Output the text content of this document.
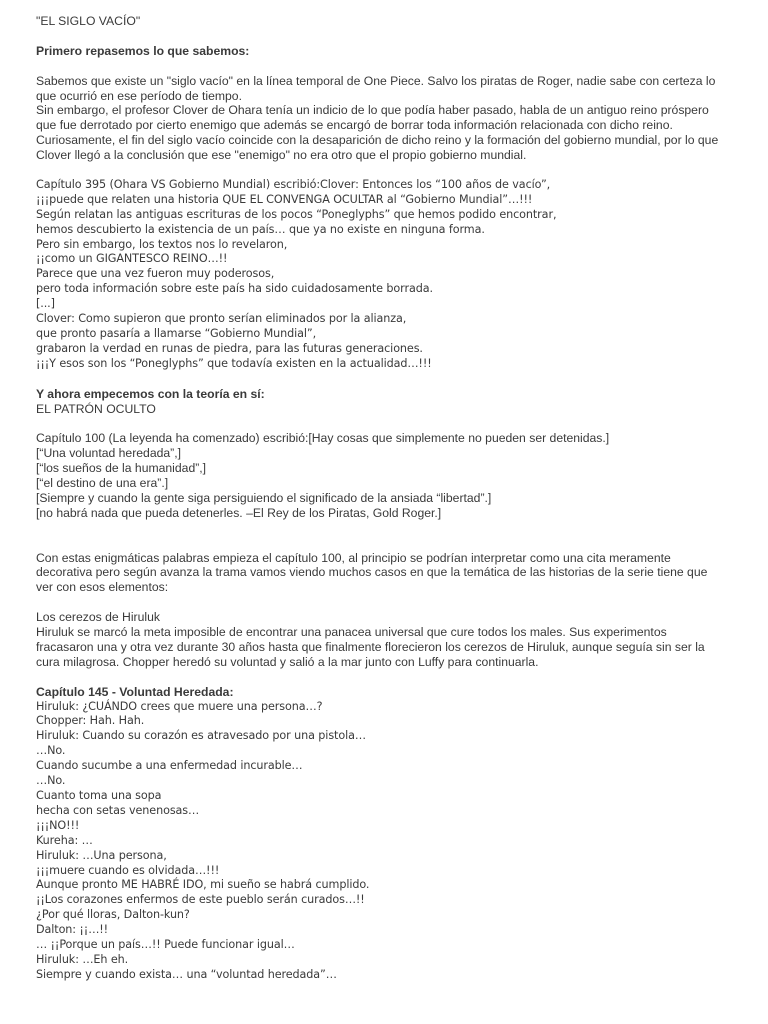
"EL SIGLO VACÍO"

Primero repasemos lo que sabemos:

Sabemos que existe un "siglo vacío" en la línea temporal de One Piece. Salvo los piratas de Roger, nadie sabe con certeza lo
que ocurrió en ese período de tiempo.
Sin embargo, el profesor Clover de Ohara tenía un indicio de lo que podía haber pasado, habla de un antiguo reino próspero
que fue derrotado por cierto enemigo que además se encargó de borrar toda información relacionada con dicho reino.
Curiosamente, el fin del siglo vacío coincide con la desaparición de dicho reino y la formación del gobierno mundial, por lo que
Clover llegó a la conclusión que ese "enemigo" no era otro que el propio gobierno mundial.
Capítulo 395 (Ohara VS Gobierno Mundial) escribió:Clover: Entonces los “100 años de vacío”,
¡¡¡puede que relaten una historia QUE EL CONVENGA OCULTAR al “Gobierno Mundial”…!!!
Según relatan las antiguas escrituras de los pocos “Poneglyphs” que hemos podido encontrar,
hemos descubierto la existencia de un país… que ya no existe en ninguna forma.
Pero sin embargo, los textos nos lo revelaron,
¡¡como un GIGANTESCO REINO…!!
Parece que una vez fueron muy poderosos,
pero toda información sobre este país ha sido cuidadosamente borrada.
[...]
Clover: Como supieron que pronto serían eliminados por la alianza,
que pronto pasaría a llamarse “Gobierno Mundial”,
grabaron la verdad en runas de piedra, para las futuras generaciones.
¡¡¡Y esos son los “Poneglyphs” que todavía existen en la actualidad…!!!

Y ahora empecemos con la teoría en sí:

EL PATRÓN OCULTO

Capítulo 100 (La leyenda ha comenzado) escribió:[Hay cosas que simplemente no pueden ser detenidas.]
[“Una voluntad heredada”,]
[“los sueños de la humanidad”,]
[“el destino de una era”.]
[Siempre y cuando la gente siga persiguiendo el significado de la ansiada “libertad”.]
[no habrá nada que pueda detenerles. –El Rey de los Piratas, Gold Roger.]
Con estas enigmáticas palabras empieza el capítulo 100, al principio se podrían interpretar como una cita meramente
decorativa pero según avanza la trama vamos viendo muchos casos en que la temática de las historias de la serie tiene que
ver con esos elementos:

Los cerezos de Hiruluk

Hiruluk se marcó la meta imposible de encontrar una panacea universal que cure todos los males. Sus experimentos
fracasaron una y otra vez durante 30 años hasta que finalmente florecieron los cerezos de Hiruluk, aunque seguía sin ser la
cura milagrosa. Chopper heredó su voluntad y salió a la mar junto con Luffy para continuarla.

Capítulo 145 - Voluntad Heredada:

Hiruluk: ¿CUÁNDO crees que muere una persona…?
Chopper: Hah. Hah.
Hiruluk: Cuando su corazón es atravesado por una pistola…
…No.
Cuando sucumbe a una enfermedad incurable…
…No.
Cuanto toma una sopa
hecha con setas venenosas…
¡¡¡NO!!!
Kureha: …
Hiruluk: …Una persona,
¡¡¡muere cuando es olvidada…!!!
Aunque pronto ME HABRÉ IDO, mi sueño se habrá cumplido.
¡¡Los corazones enfermos de este pueblo serán curados…!!
¿Por qué lloras, Dalton-kun?
Dalton: ¡¡…!!
… ¡¡Porque un país…!! Puede funcionar igual…
Hiruluk: …Eh eh.
Siempre y cuando exista… una “voluntad heredada”…
